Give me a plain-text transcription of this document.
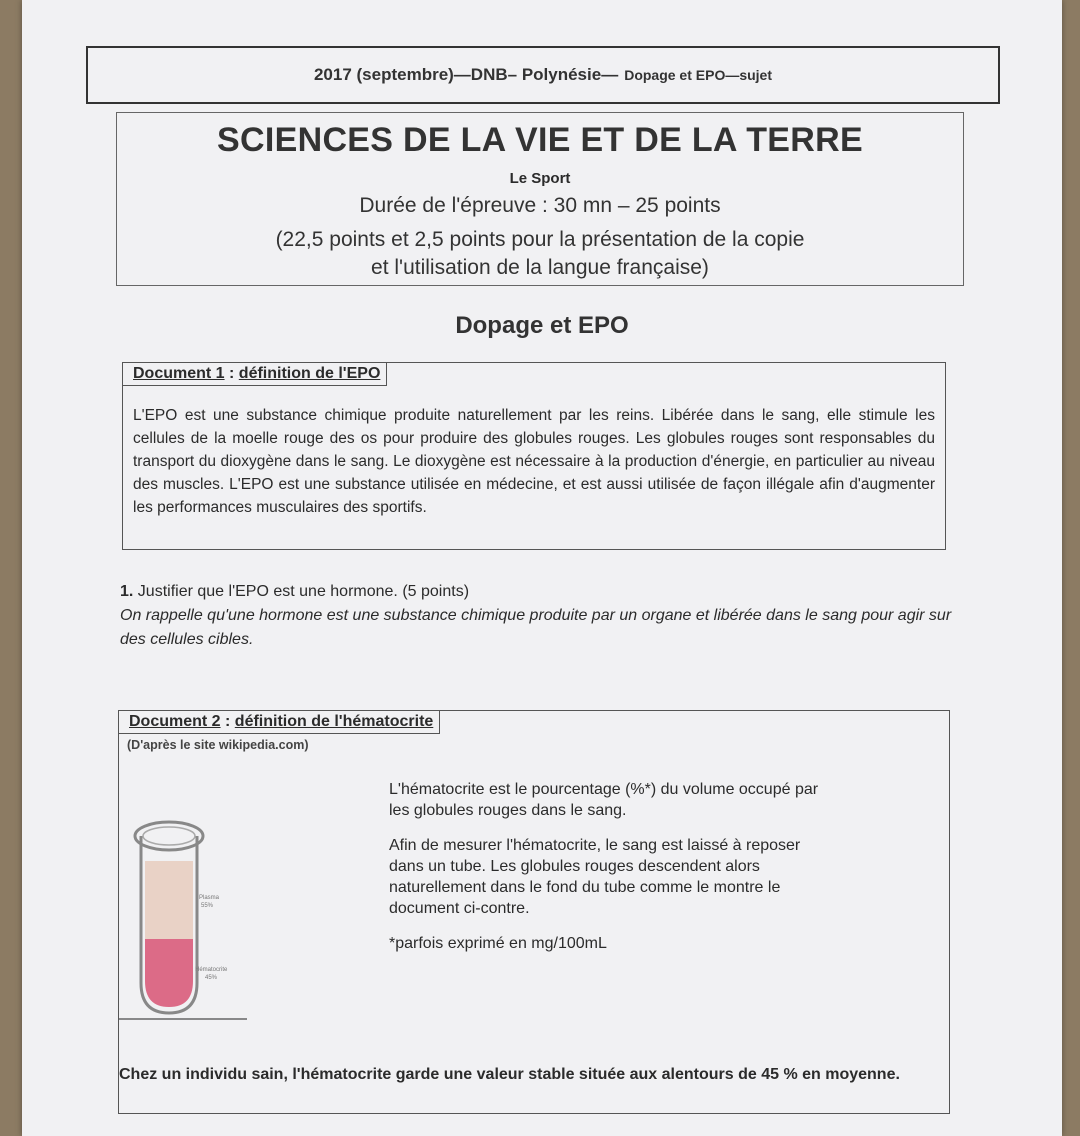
2017 (septembre)—DNB– Polynésie— Dopage et EPO—sujet
SCIENCES DE LA VIE ET DE LA TERRE
Le Sport
Durée de l'épreuve : 30 mn – 25 points
(22,5 points et 2,5 points pour la présentation de la copie
et l'utilisation de la langue française)
Dopage et EPO
Document 1 : définition de l'EPO

L'EPO est une substance chimique produite naturellement par les reins. Libérée dans le sang, elle stimule les cellules de la moelle rouge des os pour produire des globules rouges. Les globules rouges sont responsables du transport du dioxygène dans le sang. Le dioxygène est nécessaire à la production d'énergie, en particulier au niveau des muscles. L'EPO est une substance utilisée en médecine, et est aussi utilisée de façon illégale afin d'augmenter les performances musculaires des sportifs.

1. Justifier que l'EPO est une hormone. (5 points)
On rappelle qu'une hormone est une substance chimique produite par un organe et libérée dans le sang pour agir sur des cellules cibles.
Document 2 : définition de l'hématocrite
(D'après le site wikipedia.com)
Plasma
55%
Hématocrite
45%

L'hématocrite est le pourcentage (%*) du volume occupé par les globules rouges dans le sang.

Afin de mesurer l'hématocrite, le sang est laissé à reposer dans un tube. Les globules rouges descendent alors naturellement dans le fond du tube comme le montre le document ci-contre.

*parfois exprimé en mg/100mL

Chez un individu sain, l'hématocrite garde une valeur stable située aux alentours de 45 % en moyenne.
